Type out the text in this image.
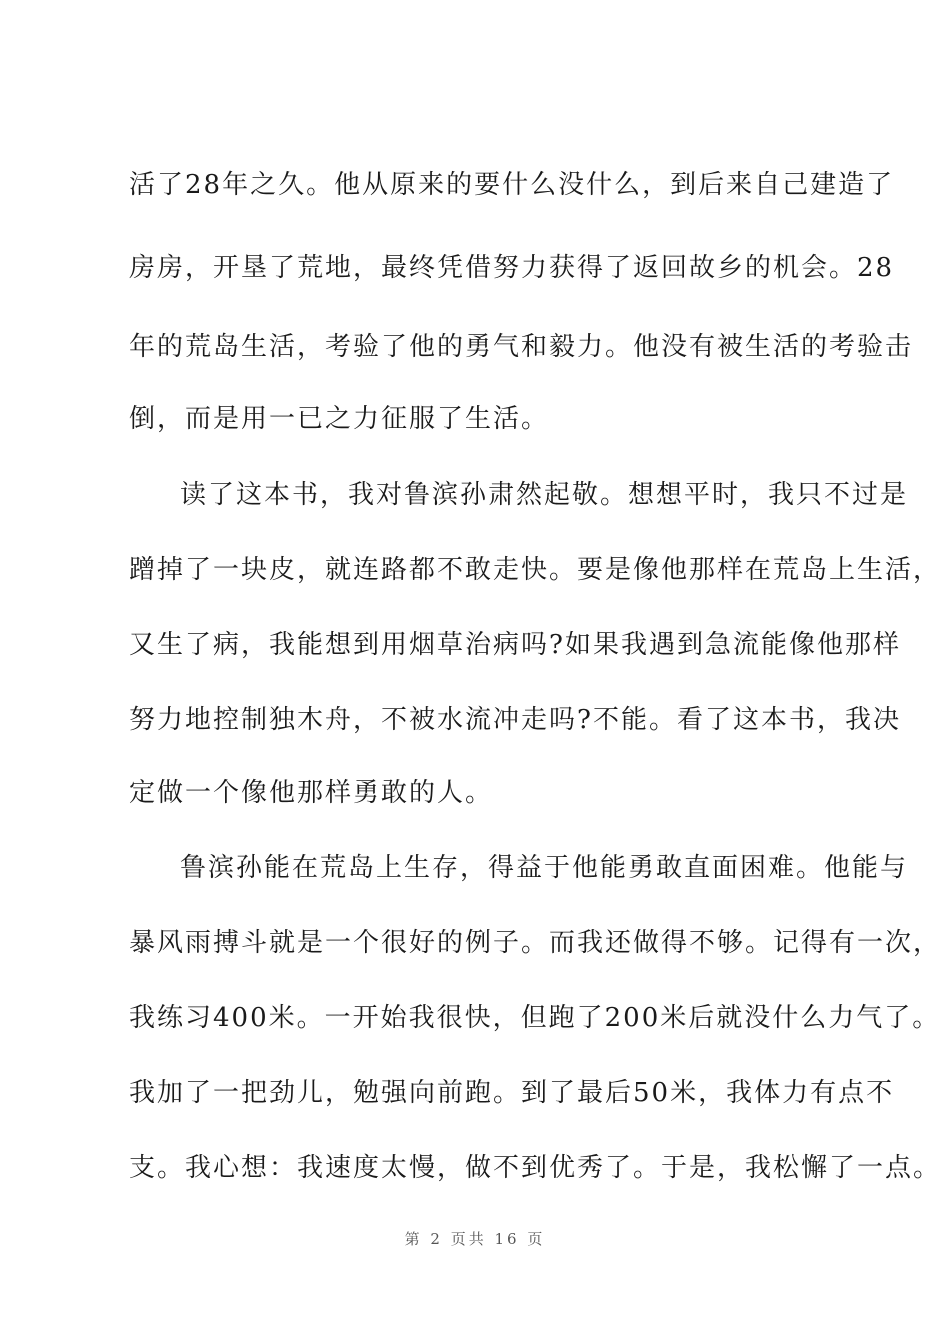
活了28年之久。他从原来的要什么没什么，到后来自己建造了
房房，开垦了荒地，最终凭借努力获得了返回故乡的机会。28
年的荒岛生活，考验了他的勇气和毅力。他没有被生活的考验击
倒，而是用一已之力征服了生活。
读了这本书，我对鲁滨孙肃然起敬。想想平时，我只不过是
蹭掉了一块皮，就连路都不敢走快。要是像他那样在荒岛上生活，
又生了病，我能想到用烟草治病吗?如果我遇到急流能像他那样
努力地控制独木舟，不被水流冲走吗?不能。看了这本书，我决
定做一个像他那样勇敢的人。
鲁滨孙能在荒岛上生存，得益于他能勇敢直面困难。他能与
暴风雨搏斗就是一个很好的例子。而我还做得不够。记得有一次，
我练习400米。一开始我很快，但跑了200米后就没什么力气了。
我加了一把劲儿，勉强向前跑。到了最后50米，我体力有点不
支。我心想：我速度太慢，做不到优秀了。于是，我松懈了一点。
第 2 页共 16 页
